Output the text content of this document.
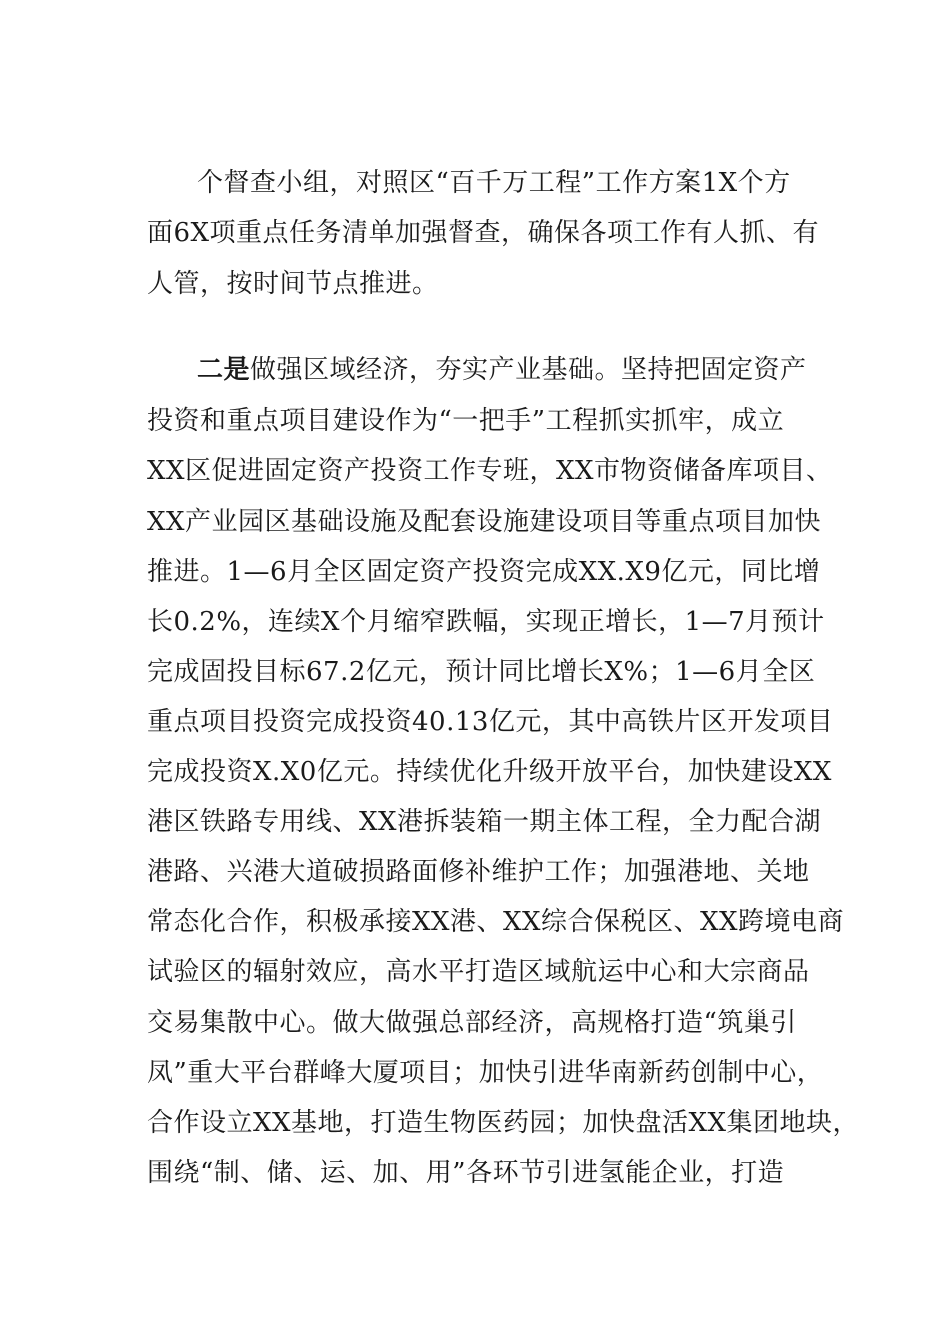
个督查小组，对照区“百千万工程”工作方案1X个方
面6X项重点任务清单加强督查，确保各项工作有人抓、有
人管，按时间节点推进。
二是做强区域经济，夯实产业基础。坚持把固定资产
投资和重点项目建设作为“一把手”工程抓实抓牢，成立
XX区促进固定资产投资工作专班，XX市物资储备库项目、
XX产业园区基础设施及配套设施建设项目等重点项目加快
推进。1—6月全区固定资产投资完成XX.X9亿元，同比增
长0.2%，连续X个月缩窄跌幅，实现正增长，1—7月预计
完成固投目标67.2亿元，预计同比增长X%；1—6月全区
重点项目投资完成投资40.13亿元，其中高铁片区开发项目
完成投资X.X0亿元。持续优化升级开放平台，加快建设XX
港区铁路专用线、XX港拆装箱一期主体工程，全力配合湖
港路、兴港大道破损路面修补维护工作；加强港地、关地
常态化合作，积极承接XX港、XX综合保税区、XX跨境电商
试验区的辐射效应，高水平打造区域航运中心和大宗商品
交易集散中心。做大做强总部经济，高规格打造“筑巢引
凤”重大平台群峰大厦项目；加快引进华南新药创制中心，
合作设立XX基地，打造生物医药园；加快盘活XX集团地块，
围绕“制、储、运、加、用”各环节引进氢能企业，打造
